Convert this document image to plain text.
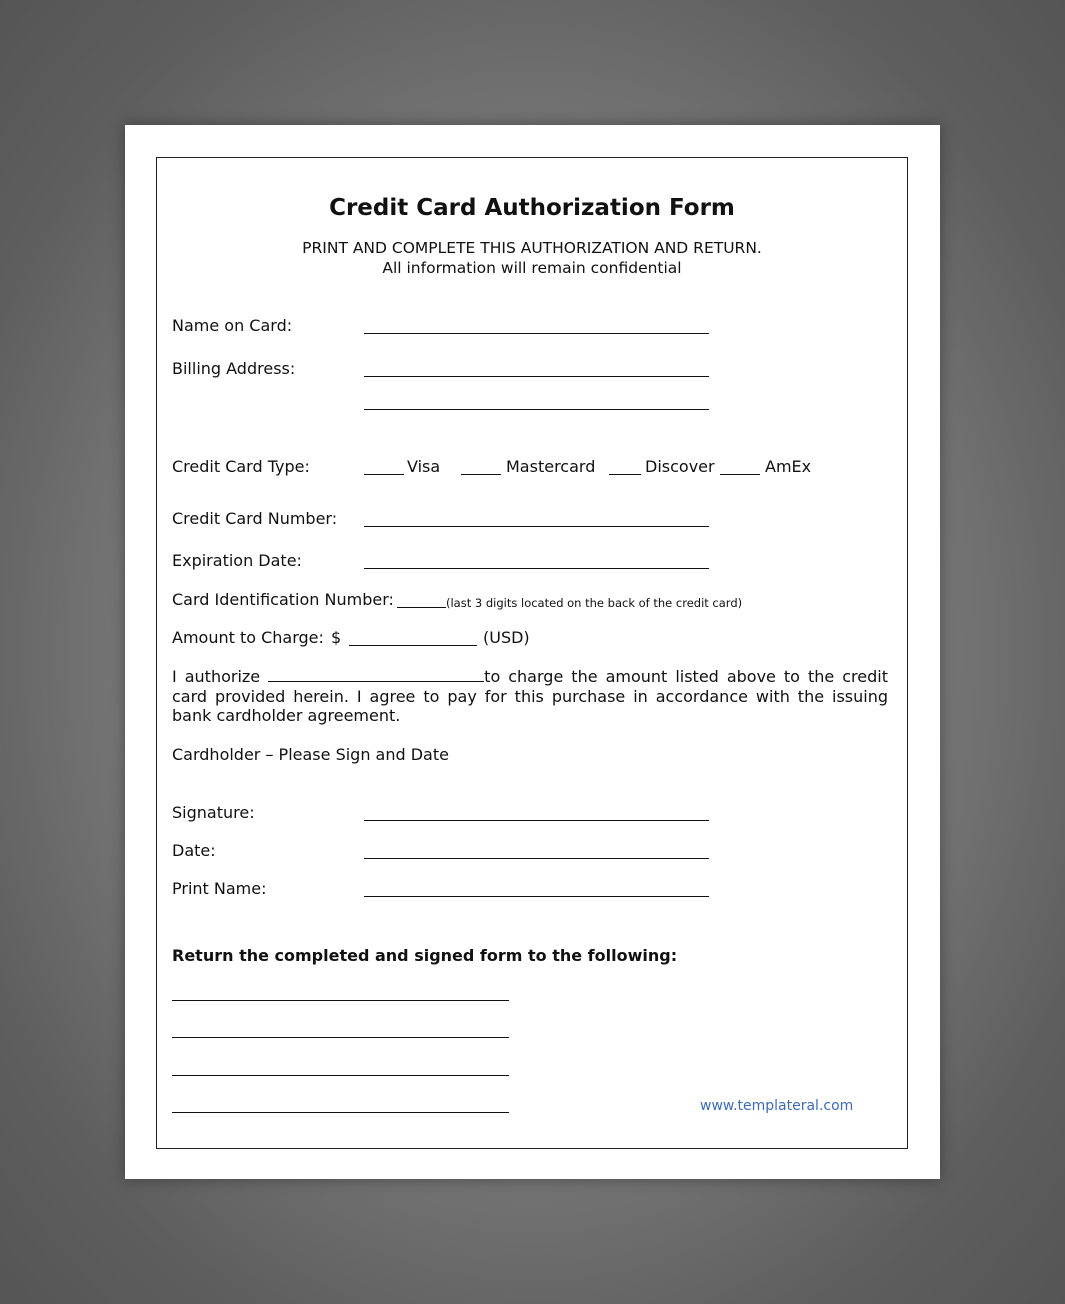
Credit Card Authorization Form
PRINT AND COMPLETE THIS AUTHORIZATION AND RETURN.
All information will remain confidential
Name on Card:
Billing Address:
Credit Card Type:	Visa	Mastercard	Discover	AmEx
Credit Card Number:
Expiration Date:
Card Identification Number:	(last 3 digits located on the back of the credit card)
Amount to Charge: $	(USD)
I authorize	to charge the amount listed above to the credit card provided herein. I agree to pay for this purchase in accordance with the issuing bank cardholder agreement.
Cardholder – Please Sign and Date
Signature:
Date:
Print Name:
Return the completed and signed form to the following:
www.templateral.com
